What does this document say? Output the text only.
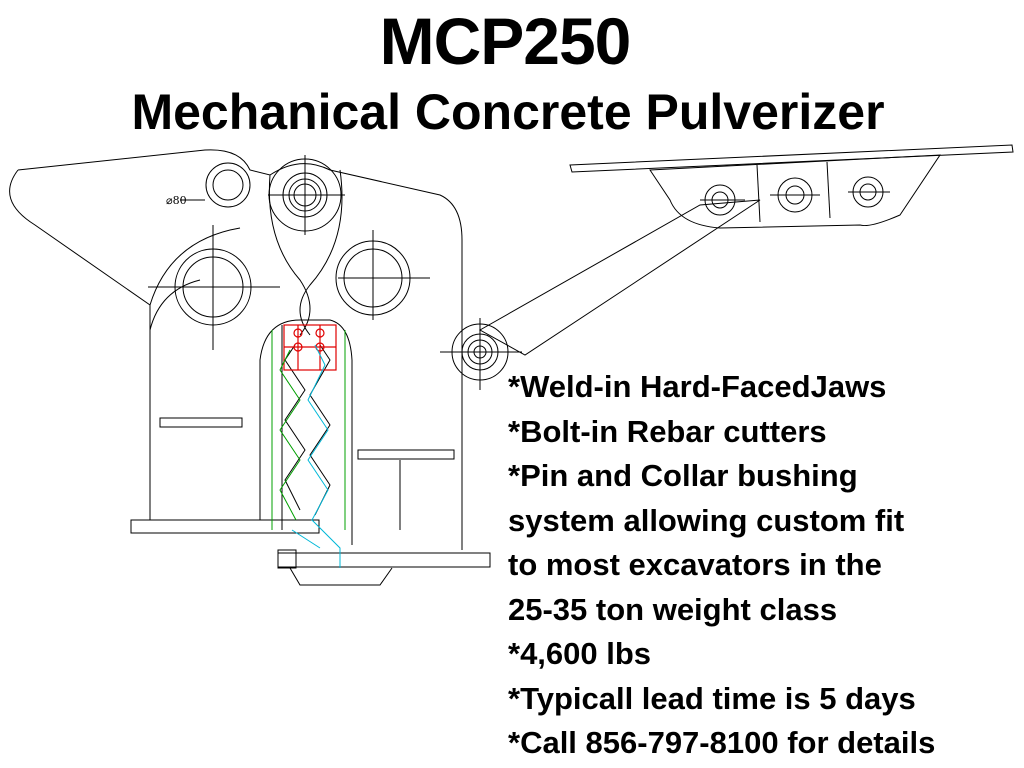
⌀80
MCP250
Mechanical Concrete Pulverizer
*Weld-in Hard-FacedJaws
*Bolt-in Rebar cutters
*Pin and Collar bushing
system allowing custom fit
to most excavators in the
25-35 ton weight class
*4,600 lbs
*Typicall lead time is 5 days
*Call 856-797-8100 for details
